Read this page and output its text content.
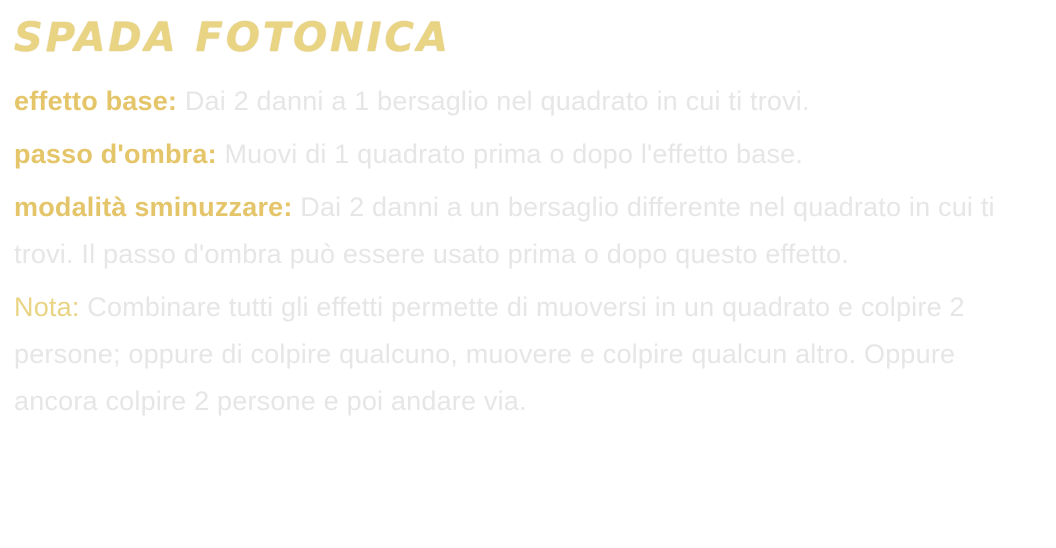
SPADA FOTONICA

effetto base: Dai 2 danni a 1 bersaglio nel quadrato in cui ti trovi.

passo d'ombra: Muovi di 1 quadrato prima o dopo l'effetto base.

modalità sminuzzare: Dai 2 danni a un bersaglio differente nel quadrato in cui ti trovi. Il passo d'ombra può essere usato prima o dopo questo effetto.

Nota: Combinare tutti gli effetti permette di muoversi in un quadrato e colpire 2 persone; oppure di colpire qualcuno, muovere e colpire qualcun altro. Oppure ancora colpire 2 persone e poi andare via.
